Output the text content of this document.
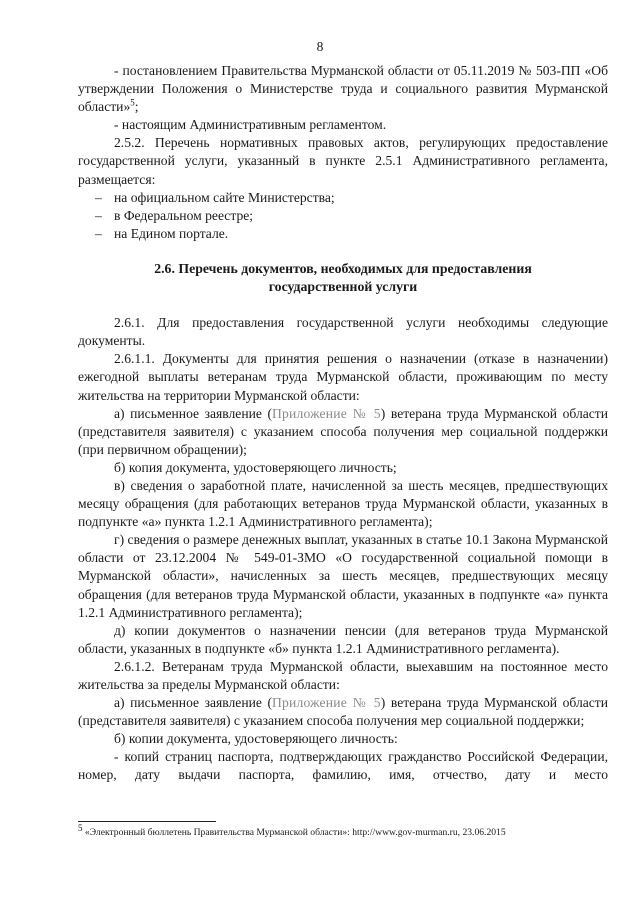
8

- постановлением Правительства Мурманской области от 05.11.2019 № 503-ПП «Об утверждении Положения о Министерстве труда и социального развития Мурманской области»$^5$;

- настоящим Административным регламентом.

2.5.2. Перечень нормативных правовых актов, регулирующих предоставление государственной услуги, указанный в пункте 2.5.1 Административного регламента, размещается:

– на официальном сайте Министерства;

– в Федеральном реестре;

– на Едином портале.

2.6. Перечень документов, необходимых для предоставления

государственной услуги

2.6.1. Для предоставления государственной услуги необходимы следующие документы.

2.6.1.1. Документы для принятия решения о назначении (отказе в назначении) ежегодной выплаты ветеранам труда Мурманской области, проживающим по месту жительства на территории Мурманской области:

а) письменное заявление (Приложение № 5) ветерана труда Мурманской области (представителя заявителя) с указанием способа получения мер социальной поддержки (при первичном обращении);

б) копия документа, удостоверяющего личность;

в) сведения о заработной плате, начисленной за шесть месяцев, предшествующих месяцу обращения (для работающих ветеранов труда Мурманской области, указанных в подпункте «а» пункта 1.2.1 Административного регламента);

г) сведения о размере денежных выплат, указанных в статье 10.1 Закона Мурманской области от 23.12.2004 № 549-01-ЗМО «О государственной социальной помощи в Мурманской области», начисленных за шесть месяцев, предшествующих месяцу обращения (для ветеранов труда Мурманской области, указанных в подпункте «а» пункта 1.2.1 Административного регламента);

д) копии документов о назначении пенсии (для ветеранов труда Мурманской области, указанных в подпункте «б» пункта 1.2.1 Административного регламента).

2.6.1.2. Ветеранам труда Мурманской области, выехавшим на постоянное место жительства за пределы Мурманской области:

а) письменное заявление (Приложение № 5) ветерана труда Мурманской области (представителя заявителя) с указанием способа получения мер социальной поддержки;

б) копии документа, удостоверяющего личность:

- копий страниц паспорта, подтверждающих гражданство Российской Федерации, номер, дату выдачи паспорта, фамилию, имя, отчество, дату и место

$^5$ «Электронный бюллетень Правительства Мурманской области»: http://www.gov-murman.ru, 23.06.2015
